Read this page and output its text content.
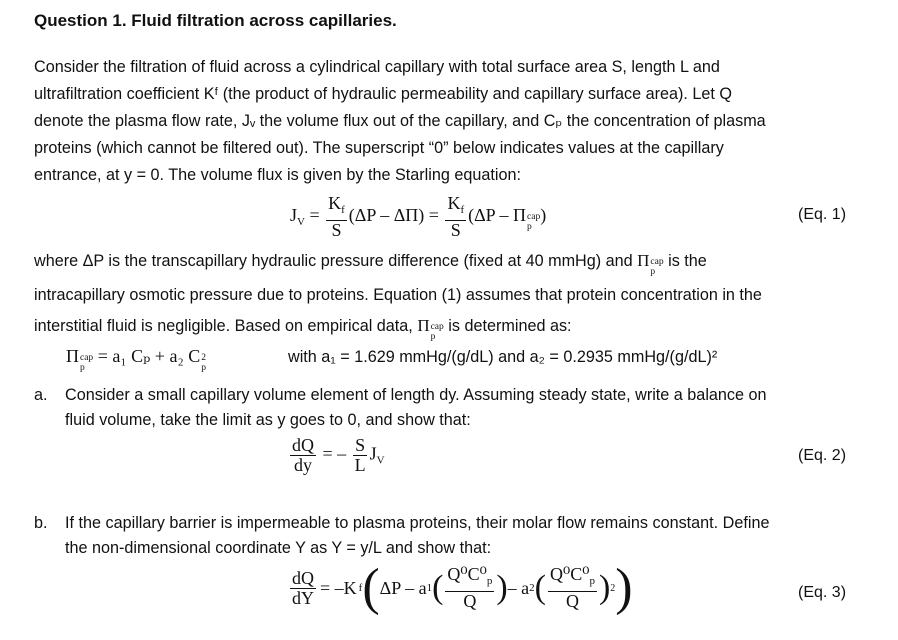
Question 1. Fluid filtration across capillaries.
Consider the filtration of fluid across a cylindrical capillary with total surface area S, length L and
ultrafiltration coefficient Kᶠ (the product of hydraulic permeability and capillary surface area). Let Q
denote the plasma flow rate, Jᵥ the volume flux out of the capillary, and Cₚ the concentration of plasma
proteins (which cannot be filtered out). The superscript “0” below indicates values at the capillary
entrance, at y = 0. The volume flux is given by the Starling equation:
$J_V = \frac{K_f}{S} (\Delta P - \Delta\Pi) = \frac{K_f}{S} (\Delta P - \Pi$ cap
p
)	(Eq. 1)
where ΔP is the transcapillary hydraulic pressure difference (fixed at 40 mmHg) and Π cap
p
is the
intracapillary osmotic pressure due to proteins. Equation (1) assumes that protein concentration in the
interstitial fluid is negligible. Based on empirical data, Π cap
p
is determined as:
Π cap
p
= a₁ Cₚ + a₂ C 2
p
with a₁ = 1.629 mmHg/(g/dL) and a₂ = 0.2935 mmHg/(g/dL)²
a. Consider a small capillary volume element of length dy. Assuming steady state, write a balance on
fluid volume, take the limit as y goes to 0, and show that:
$\frac{dQ}{dy}$ = – $\frac{S}{L} J_V$	(Eq. 2)
b. If the capillary barrier is impermeable to plasma proteins, their molar flow remains constant. Define
the non-dimensional coordinate Y as Y = y/L and show that:
$\frac{dQ}{dY} = -K$ f ( ΔP – a 1 ( $\frac{Q^0C^0_p}{Q}$ ) – a 2 ( $\frac{Q^0C^0_p}{Q}$ ) 2 )	(Eq. 3)
